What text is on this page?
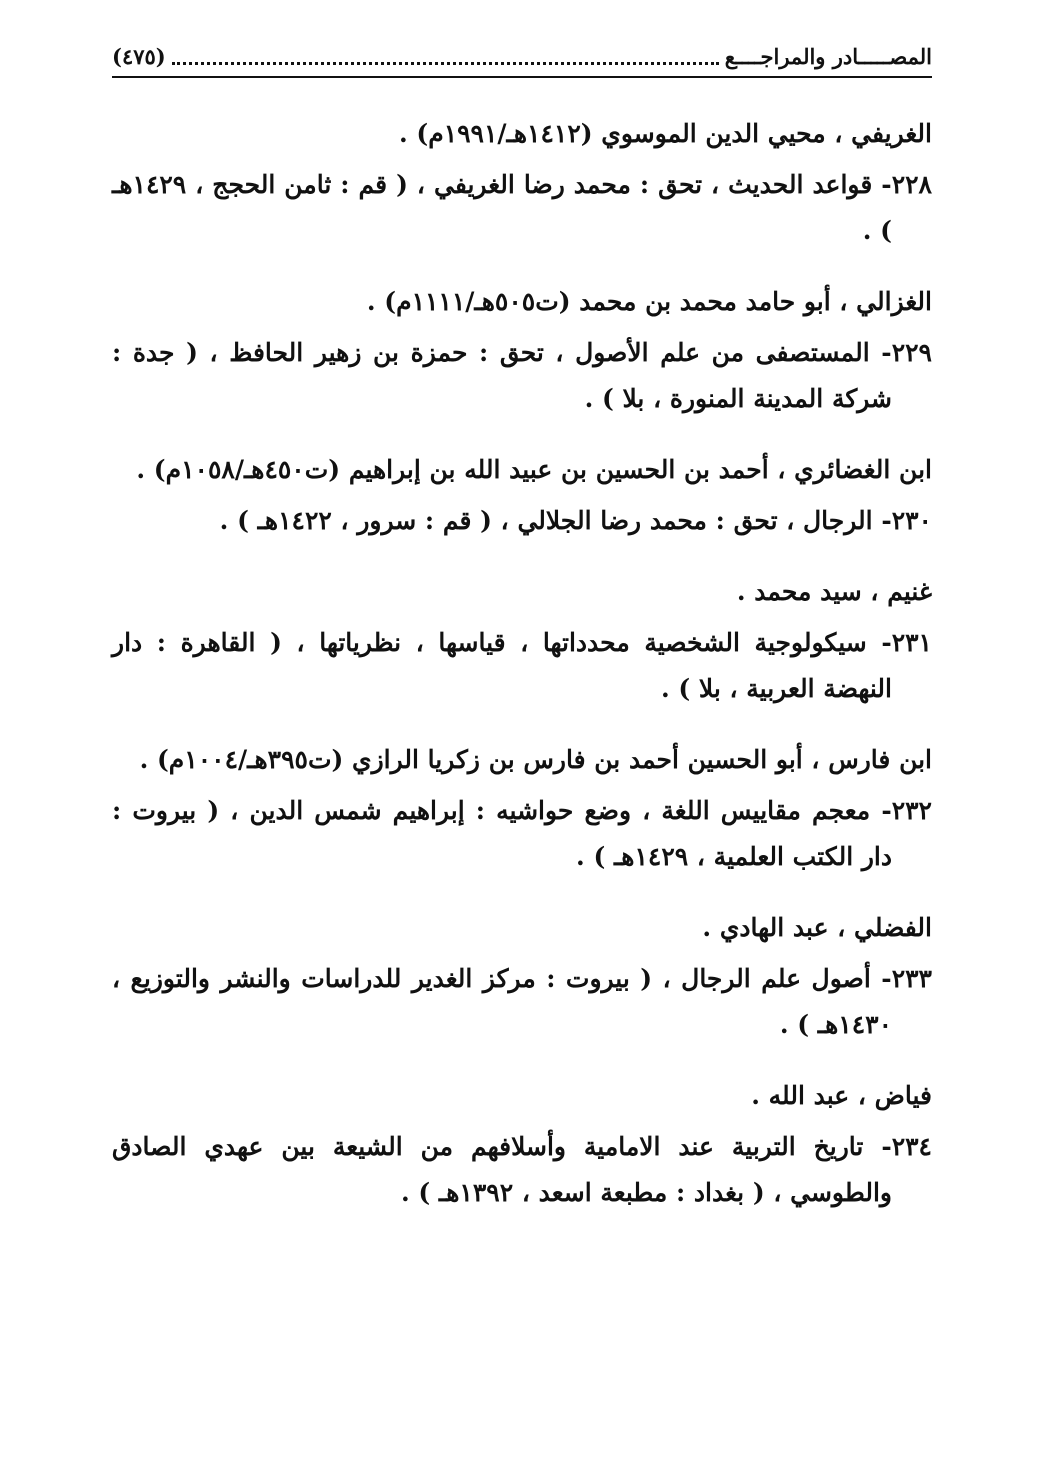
المصـــــادر والمراجــــع
(٤٧٥)
الغريفي ، محيي الدين الموسوي (١٤١٢هـ/١٩٩١م) .
٢٢٨- قواعد الحديث ، تحق : محمد رضا الغريفي ، ( قم : ثامن الحجج ، ١٤٢٩هـ ) .
الغزالي ، أبو حامد محمد بن محمد (ت٥٠٥هـ/١١١١م) .
٢٢٩- المستصفى من علم الأصول ، تحق : حمزة بن زهير الحافظ ، ( جدة : شركة المدينة المنورة ، بلا ) .
ابن الغضائري ، أحمد بن الحسين بن عبيد الله بن إبراهيم (ت٤٥٠هـ/١٠٥٨م) .
٢٣٠- الرجال ، تحق : محمد رضا الجلالي ، ( قم : سرور ، ١٤٢٢هـ ) .
غنيم ، سيد محمد .
٢٣١- سيكولوجية الشخصية محدداتها ، قياسها ، نظرياتها ، ( القاهرة : دار النهضة العربية ، بلا ) .
ابن فارس ، أبو الحسين أحمد بن فارس بن زكريا الرازي (ت٣٩٥هـ/١٠٠٤م) .
٢٣٢- معجم مقاييس اللغة ، وضع حواشيه : إبراهيم شمس الدين ، ( بيروت : دار الكتب العلمية ، ١٤٢٩هـ ) .
الفضلي ، عبد الهادي .
٢٣٣- أصول علم الرجال ، ( بيروت : مركز الغدير للدراسات والنشر والتوزيع ، ١٤٣٠هـ ) .
فياض ، عبد الله .
٢٣٤- تاريخ التربية عند الامامية وأسلافهم من الشيعة بين عهدي الصادق والطوسي ، ( بغداد : مطبعة اسعد ، ١٣٩٢هـ ) .
